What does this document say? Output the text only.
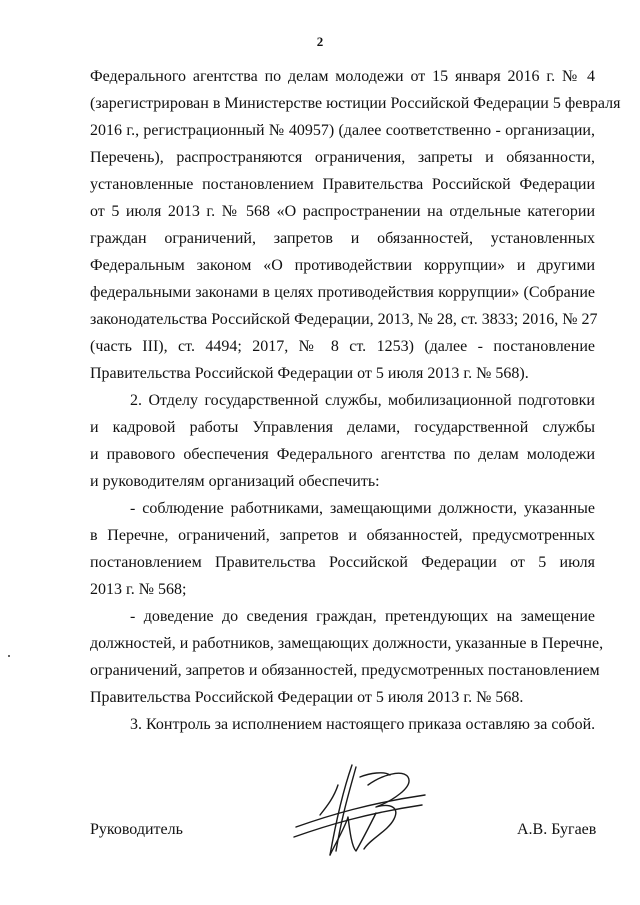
2
Федерального агентства по делам молодежи от 15 января 2016 г. № 4
(зарегистрирован в Министерстве юстиции Российской Федерации 5 февраля
2016 г., регистрационный № 40957) (далее соответственно - организации,
Перечень), распространяются ограничения, запреты и обязанности,
установленные постановлением Правительства Российской Федерации
от 5 июля 2013 г. № 568 «О распространении на отдельные категории
граждан ограничений, запретов и обязанностей, установленных
Федеральным законом «О противодействии коррупции» и другими
федеральными законами в целях противодействия коррупции» (Собрание
законодательства Российской Федерации, 2013, № 28, ст. 3833; 2016, № 27
(часть III), ст. 4494; 2017, № 8 ст. 1253) (далее - постановление
Правительства Российской Федерации от 5 июля 2013 г. № 568).
2. Отделу государственной службы, мобилизационной подготовки
и кадровой работы Управления делами, государственной службы
и правового обеспечения Федерального агентства по делам молодежи
и руководителям организаций обеспечить:
- соблюдение работниками, замещающими должности, указанные
в Перечне, ограничений, запретов и обязанностей, предусмотренных
постановлением Правительства Российской Федерации от 5 июля
2013 г. № 568;
- доведение до сведения граждан, претендующих на замещение
должностей, и работников, замещающих должности, указанные в Перечне,
ограничений, запретов и обязанностей, предусмотренных постановлением
Правительства Российской Федерации от 5 июля 2013 г. № 568.
3. Контроль за исполнением настоящего приказа оставляю за собой.
Руководитель	А.В. Бугаев
